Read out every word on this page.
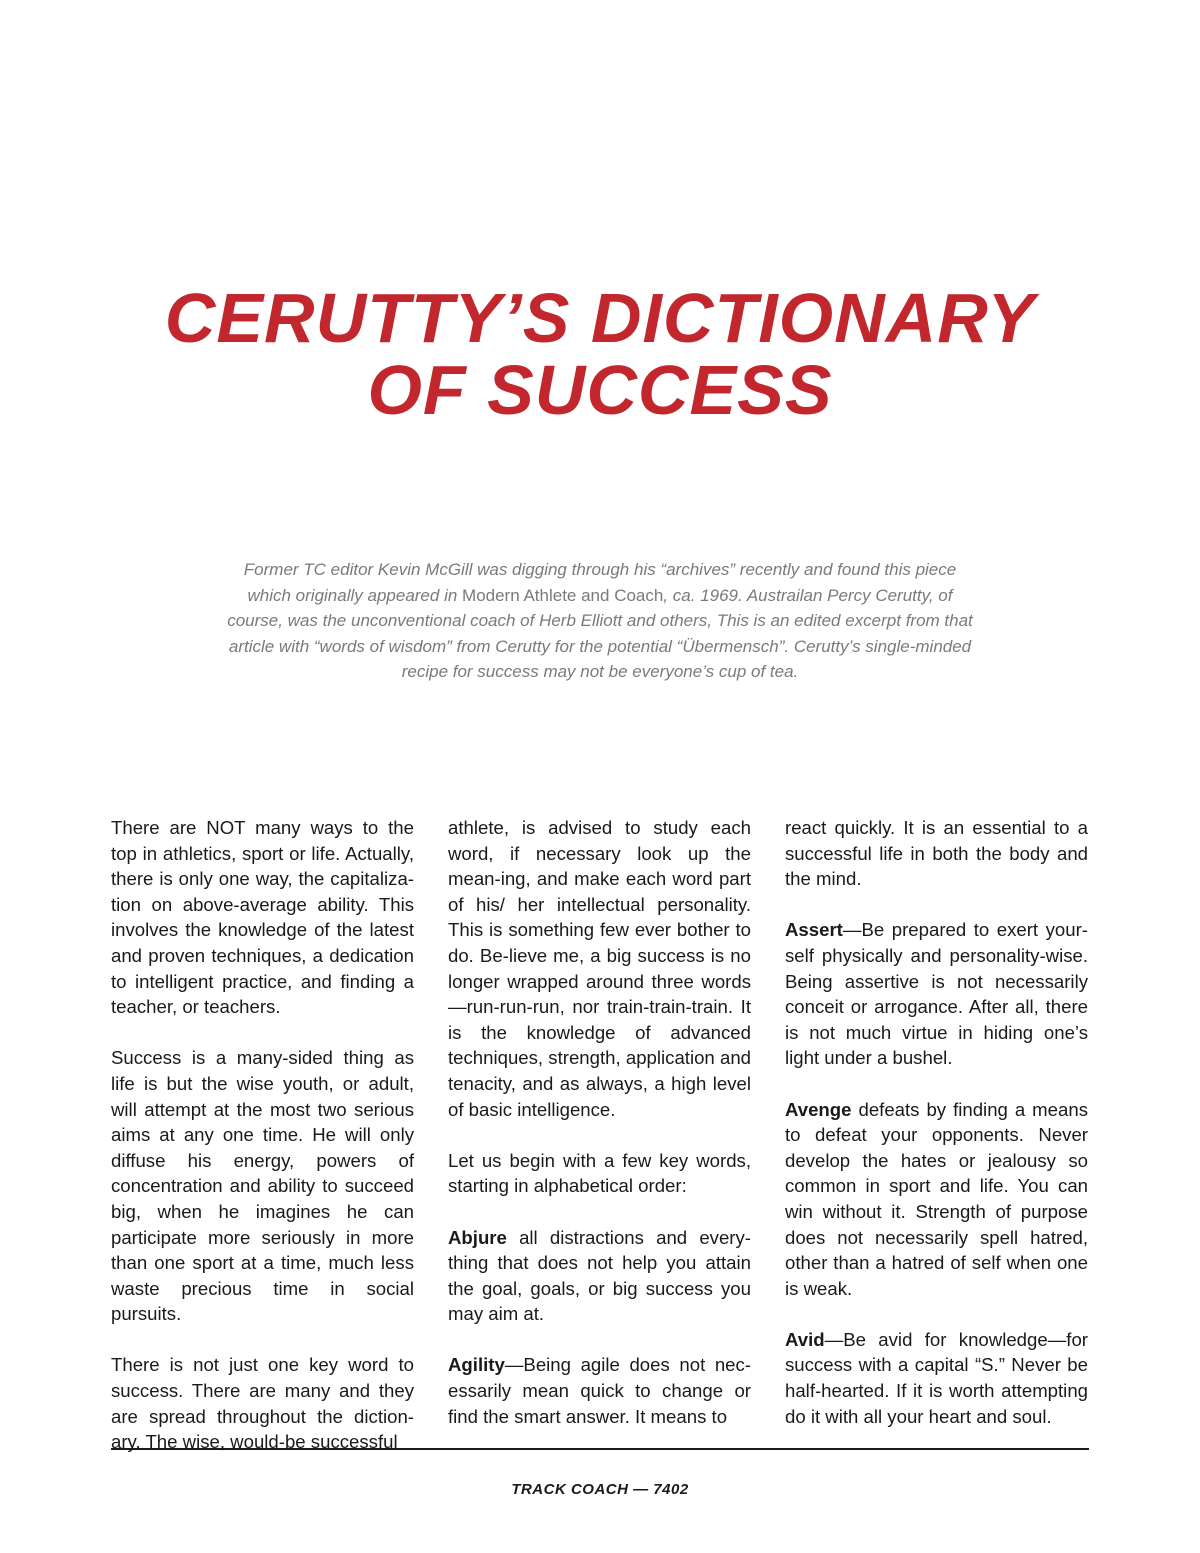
CERUTTY’S DICTIONARY
OF SUCCESS

Former TC editor Kevin McGill was digging through his “archives” recently and found this piece which originally appeared in Modern Athlete and Coach, ca. 1969. Austrailan Percy Cerutty, of course, was the unconventional coach of Herb Elliott and others, This is an edited excerpt from that article with “words of wisdom” from Cerutty for the potential “Übermensch”. Cerutty’s single-minded recipe for success may not be everyone’s cup of tea.

There are NOT many ways to the top in athletics, sport or life. Actually, there is only one way, the capitaliza-tion on above-average ability. This involves the knowledge of the latest and proven techniques, a dedication to intelligent practice, and finding a teacher, or teachers.

Success is a many-sided thing as life is but the wise youth, or adult, will attempt at the most two serious aims at any one time. He will only diffuse his energy, powers of concentration and ability to succeed big, when he imagines he can participate more seriously in more than one sport at a time, much less waste precious time in social pursuits.

There is not just one key word to success. There are many and they are spread throughout the diction-ary. The wise, would-be successful

athlete, is advised to study each word, if necessary look up the mean-ing, and make each word part of his/ her intellectual personality. This is something few ever bother to do. Be-lieve me, a big success is no longer wrapped around three words—run-run-run, nor train-train-train. It is the knowledge of advanced techniques, strength, application and tenacity, and as always, a high level of basic intelligence.

Let us begin with a few key words, starting in alphabetical order:

Abjure all distractions and every-thing that does not help you attain the goal, goals, or big success you may aim at.

Agility—Being agile does not nec-essarily mean quick to change or find the smart answer. It means to

react quickly. It is an essential to a successful life in both the body and the mind.

Assert—Be prepared to exert your-self physically and personality-wise. Being assertive is not necessarily conceit or arrogance. After all, there is not much virtue in hiding one’s light under a bushel.

Avenge defeats by finding a means to defeat your opponents. Never develop the hates or jealousy so common in sport and life. You can win without it. Strength of purpose does not necessarily spell hatred, other than a hatred of self when one is weak.

Avid—Be avid for knowledge—for success with a capital “S.” Never be half-hearted. If it is worth attempting do it with all your heart and soul.

TRACK COACH — 7402
